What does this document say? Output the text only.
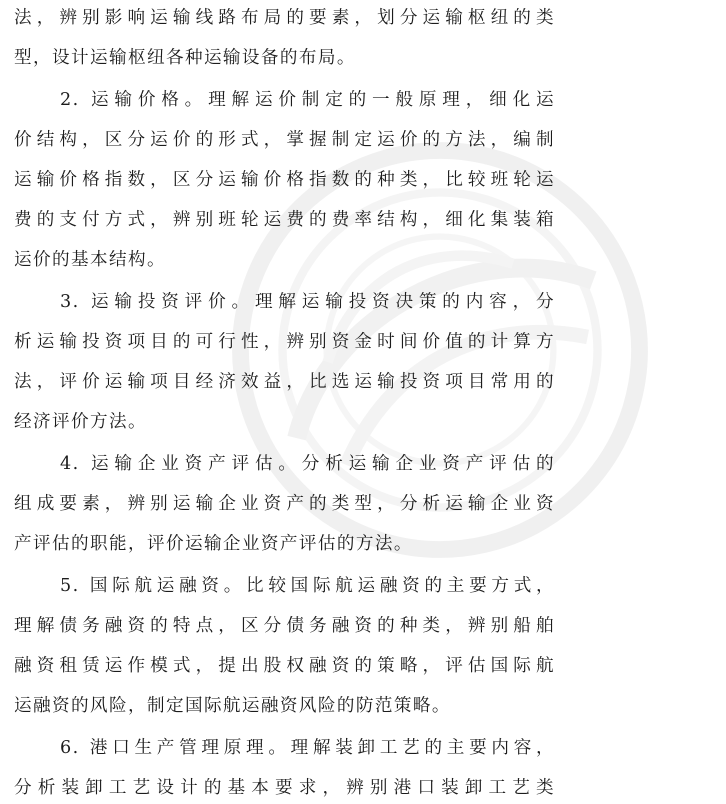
法，辨别影响运输线路布局的要素，划分运输枢纽的类
型，设计运输枢纽各种运输设备的布局。
2. 运输价格。理解运价制定的一般原理，细化运
价结构，区分运价的形式，掌握制定运价的方法，编制
运输价格指数，区分运输价格指数的种类，比较班轮运
费的支付方式，辨别班轮运费的费率结构，细化集装箱
运价的基本结构。
3. 运输投资评价。理解运输投资决策的内容，分
析运输投资项目的可行性，辨别资金时间价值的计算方
法，评价运输项目经济效益，比选运输投资项目常用的
经济评价方法。
4. 运输企业资产评估。分析运输企业资产评估的
组成要素，辨别运输企业资产的类型，分析运输企业资
产评估的职能，评价运输企业资产评估的方法。
5. 国际航运融资。比较国际航运融资的主要方式，
理解债务融资的特点，区分债务融资的种类，辨别船舶
融资租赁运作模式，提出股权融资的策略，评估国际航
运融资的风险，制定国际航运融资风险的防范策略。
6. 港口生产管理原理。理解装卸工艺的主要内容，
分析装卸工艺设计的基本要求，辨别港口装卸工艺类
